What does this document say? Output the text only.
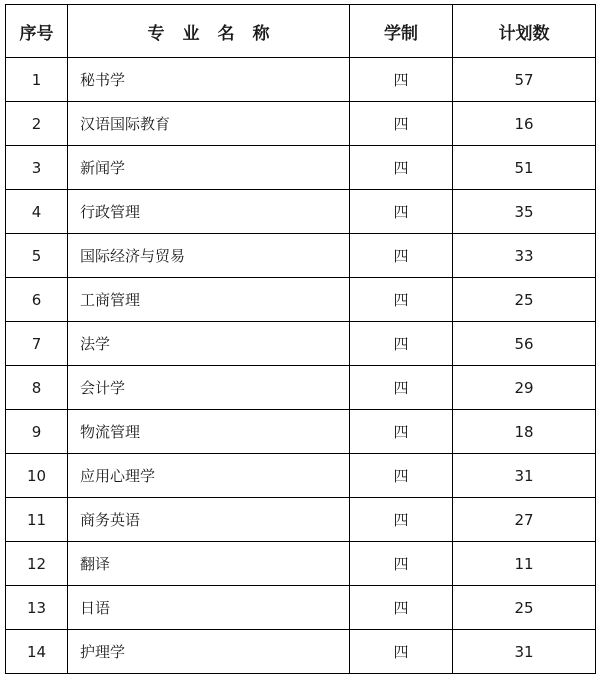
序号	专业名称	学制	计划数
1	秘书学	四	57
2	汉语国际教育	四	16
3	新闻学	四	51
4	行政管理	四	35
5	国际经济与贸易	四	33
6	工商管理	四	25
7	法学	四	56
8	会计学	四	29
9	物流管理	四	18
10	应用心理学	四	31
11	商务英语	四	27
12	翻译	四	11
13	日语	四	25
14	护理学	四	31
